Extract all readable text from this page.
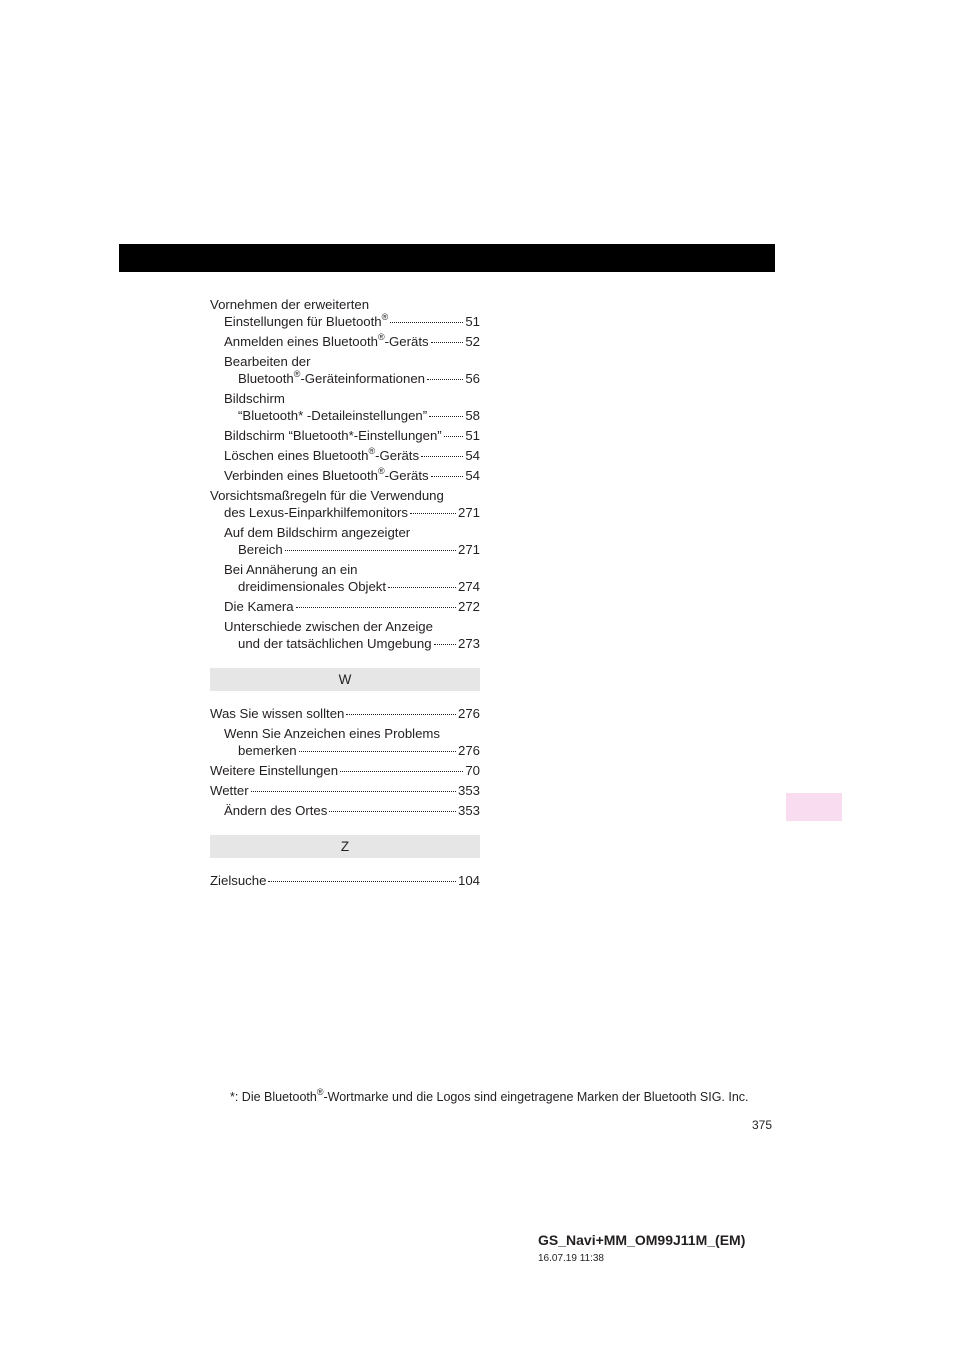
Vornehmen der erweiterten
Einstellungen für Bluetooth®	51
Anmelden eines Bluetooth®-Geräts	52
Bearbeiten der
Bluetooth®-Geräteinformationen	56
Bildschirm
“Bluetooth* -Detaileinstellungen”	58
Bildschirm “Bluetooth*-Einstellungen” 51
Löschen eines Bluetooth®-Geräts	54
Verbinden eines Bluetooth®-Geräts	54
Vorsichtsmaßregeln für die Verwendung
des Lexus-Einparkhilfemonitors	271
Auf dem Bildschirm angezeigter
Bereich	271
Bei Annäherung an ein
dreidimensionales Objekt	274
Die Kamera	272
Unterschiede zwischen der Anzeige
und der tatsächlichen Umgebung 273
W
Was Sie wissen sollten	276
Wenn Sie Anzeichen eines Problems
bemerken	276
Weitere Einstellungen	70
Wetter	353
Ändern des Ortes	353
Z
Zielsuche	104
*: Die Bluetooth®-Wortmarke und die Logos sind eingetragene Marken der Bluetooth SIG. Inc.
375
GS_Navi+MM_OM99J11M_(EM)
16.07.19 11:38
